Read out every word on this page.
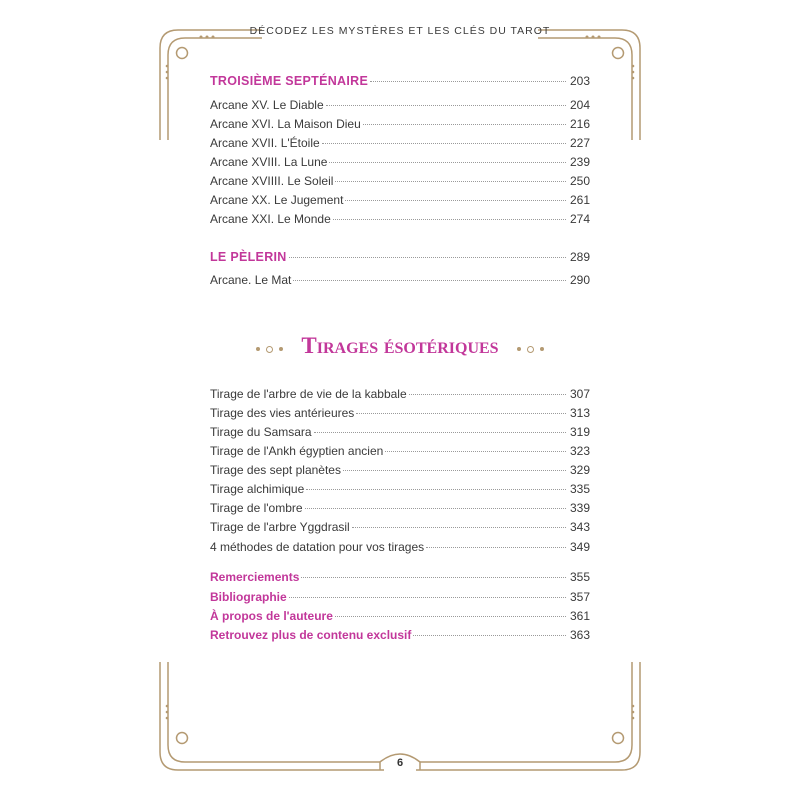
DÉCODEZ LES MYSTÈRES ET LES CLÉS DU TAROT
TROISIÈME SEPTÉNAIRE	203
Arcane XV. Le Diable	204
Arcane XVI. La Maison Dieu	216
Arcane XVII. L'Étoile	227
Arcane XVIII. La Lune	239
Arcane XVIIII. Le Soleil	250
Arcane XX. Le Jugement	261
Arcane XXI. Le Monde	274
LE PÈLERIN	289
Arcane. Le Mat	290
Tirages ésotériques
Tirage de l'arbre de vie de la kabbale	307
Tirage des vies antérieures	313
Tirage du Samsara	319
Tirage de l'Ankh égyptien ancien	323
Tirage des sept planètes	329
Tirage alchimique	335
Tirage de l'ombre	339
Tirage de l'arbre Yggdrasil	343
4 méthodes de datation pour vos tirages	349
Remerciements	355
Bibliographie	357
À propos de l'auteure	361
Retrouvez plus de contenu exclusif	363
6
